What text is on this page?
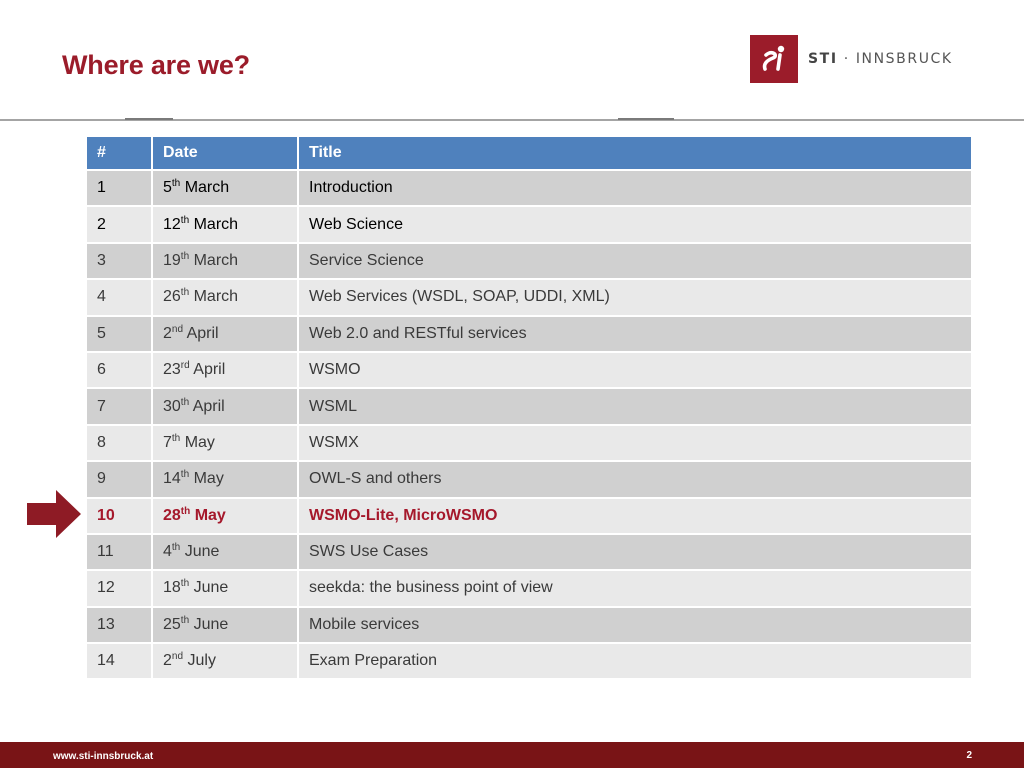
Where are we?	STI · INNSBRUCK
#	Date	Title
1	5th March	Introduction
2	12th March	Web Science
3	19th March	Service Science
4	26th March	Web Services (WSDL, SOAP, UDDI, XML)
5	2nd April	Web 2.0 and RESTful services
6	23rd April	WSMO
7	30th April	WSML
8	7th May	WSMX
9	14th May	OWL-S and others
10	28th May	WSMO-Lite, MicroWSMO
11	4th June	SWS Use Cases
12	18th June	seekda: the business point of view
13	25th June	Mobile services
14	2nd July	Exam Preparation
www.sti-innsbruck.at	2
